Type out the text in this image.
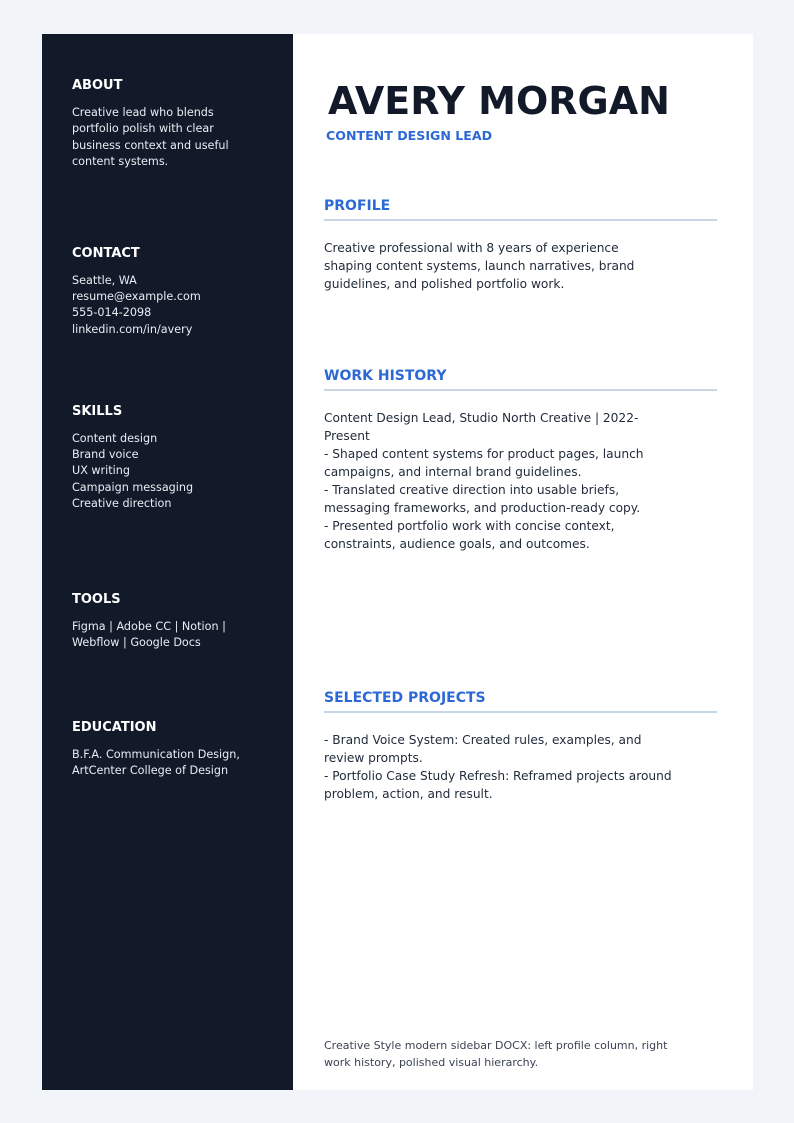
ABOUT

Creative lead who blends portfolio polish with clear business context and useful content systems.

CONTACT
Seattle, WA
resume@example.com
555-014-2098
linkedin.com/in/avery
SKILLS
Content design
Brand voice
UX writing
Campaign messaging
Creative direction
TOOLS

Figma | Adobe CC | Notion | Webflow | Google Docs

EDUCATION

B.F.A. Communication Design, ArtCenter College of Design

AVERY MORGAN
CONTENT DESIGN LEAD
PROFILE

Creative professional with 8 years of experience shaping content systems, launch narratives, brand guidelines, and polished portfolio work.

WORK HISTORY
Content Design Lead, Studio North Creative | 2022-Present
- Shaped content systems for product pages, launch campaigns, and internal brand guidelines.
- Translated creative direction into usable briefs, messaging frameworks, and production-ready copy.
- Presented portfolio work with concise context, constraints, audience goals, and outcomes.
SELECTED PROJECTS
- Brand Voice System: Created rules, examples, and review prompts.
- Portfolio Case Study Refresh: Reframed projects around problem, action, and result.

Creative Style modern sidebar DOCX: left profile column, right work history, polished visual hierarchy.
